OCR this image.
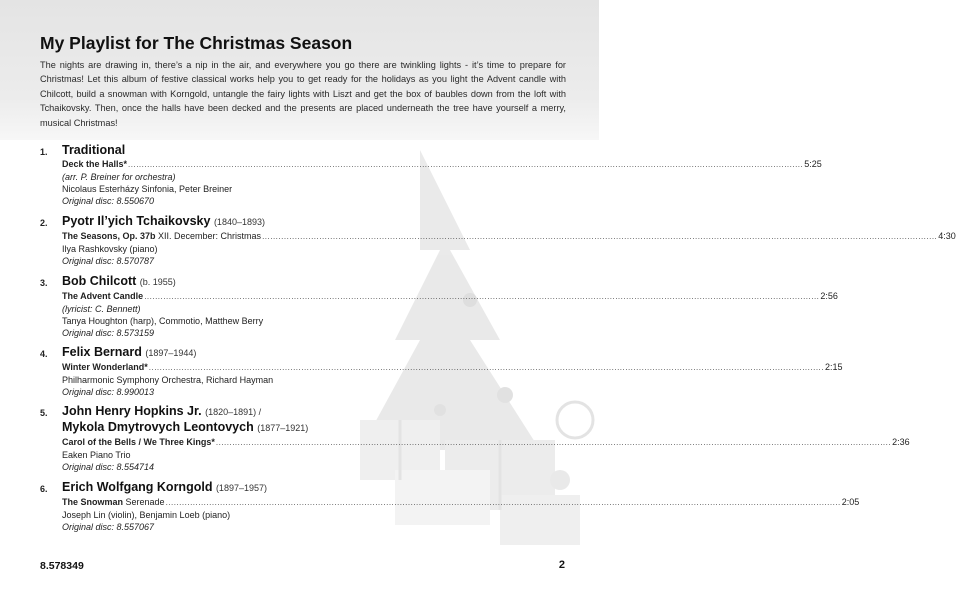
My Playlist for The Christmas Season

The nights are drawing in, there’s a nip in the air, and everywhere you go there are twinkling lights - it’s time to prepare for Christmas! Let this album of festive classical works help you to get ready for the holidays as you light the Advent candle with Chilcott, build a snowman with Korngold, untangle the fairy lights with Liszt and get the box of baubles down from the loft with Tchaikovsky. Then, once the halls have been decked and the presents are placed underneath the tree have yourself a merry, musical Christmas!

1. Traditional
Deck the Halls* ........................................................................................................................................................................................................................................................ 5:25
(arr. P. Breiner for orchestra)
Nicolaus Esterházy Sinfonia, Peter Breiner
Original disc: 8.550670
2. Pyotr Il’yich Tchaikovsky (1840–1893)
The Seasons, Op. 37b XII. December: Christmas ........................................................................................................................................................................................................................................................ 4:30
Ilya Rashkovsky (piano)
Original disc: 8.570787
3. Bob Chilcott (b. 1955)
The Advent Candle ........................................................................................................................................................................................................................................................ 2:56
(lyricist: C. Bennett)
Tanya Houghton (harp), Commotio, Matthew Berry
Original disc: 8.573159
4. Felix Bernard (1897–1944)
Winter Wonderland* ........................................................................................................................................................................................................................................................ 2:15
Philharmonic Symphony Orchestra, Richard Hayman
Original disc: 8.990013
5. John Henry Hopkins Jr. (1820–1891) /
Mykola Dmytrovych Leontovych (1877–1921)
Carol of the Bells / We Three Kings* ........................................................................................................................................................................................................................................................ 2:36
Eaken Piano Trio
Original disc: 8.554714
6. Erich Wolfgang Korngold (1897–1957)
The Snowman Serenade ........................................................................................................................................................................................................................................................ 2:05
Joseph Lin (violin), Benjamin Loeb (piano)
Original disc: 8.557067
8.578349	2
